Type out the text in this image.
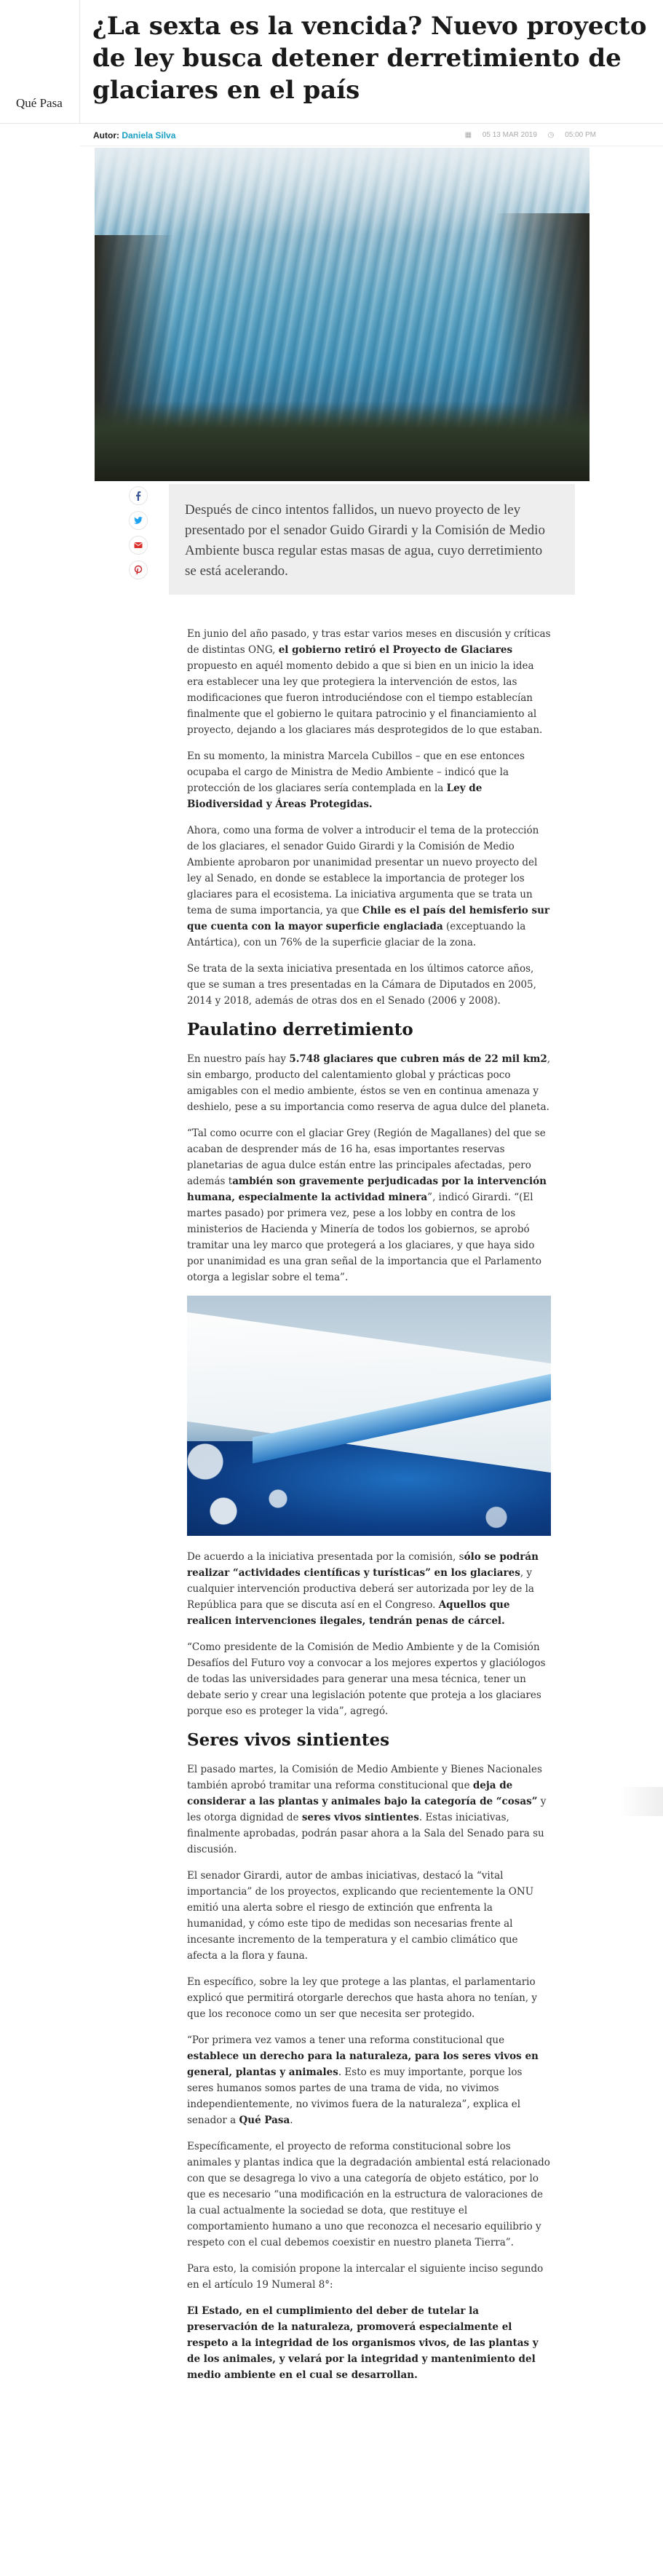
Qué Pasa
¿La sexta es la vencida? Nuevo proyecto de ley busca detener derretimiento de glaciares en el país
Autor: Daniela Silva	▦ 05 13 MAR 2019 ◷ 05:00 PM

Después de cinco intentos fallidos, un nuevo proyecto de ley presentado por el senador Guido Girardi y la Comisión de Medio Ambiente busca regular estas masas de agua, cuyo derretimiento se está acelerando.

En junio del año pasado, y tras estar varios meses en discusión y críticas de distintas ONG, el gobierno retiró el Proyecto de Glaciares propuesto en aquél momento debido a que si bien en un inicio la idea era establecer una ley que protegiera la intervención de estos, las modificaciones que fueron introduciéndose con el tiempo establecían finalmente que el gobierno le quitara patrocinio y el financiamiento al proyecto, dejando a los glaciares más desprotegidos de lo que estaban.

En su momento, la ministra Marcela Cubillos – que en ese entonces ocupaba el cargo de Ministra de Medio Ambiente – indicó que la protección de los glaciares sería contemplada en la Ley de Biodiversidad y Áreas Protegidas.

Ahora, como una forma de volver a introducir el tema de la protección de los glaciares, el senador Guido Girardi y la Comisión de Medio Ambiente aprobaron por unanimidad presentar un nuevo proyecto del ley al Senado, en donde se establece la importancia de proteger los glaciares para el ecosistema. La iniciativa argumenta que se trata un tema de suma importancia, ya que Chile es el país del hemisferio sur que cuenta con la mayor superficie englaciada (exceptuando la Antártica), con un 76% de la superficie glaciar de la zona.

Se trata de la sexta iniciativa presentada en los últimos catorce años, que se suman a tres presentadas en la Cámara de Diputados en 2005, 2014 y 2018, además de otras dos en el Senado (2006 y 2008).

Paulatino derretimiento

En nuestro país hay 5.748 glaciares que cubren más de 22 mil km2, sin embargo, producto del calentamiento global y prácticas poco amigables con el medio ambiente, éstos se ven en continua amenaza y deshielo, pese a su importancia como reserva de agua dulce del planeta.

“Tal como ocurre con el glaciar Grey (Región de Magallanes) del que se acaban de desprender más de 16 ha, esas importantes reservas planetarias de agua dulce están entre las principales afectadas, pero además también son gravemente perjudicadas por la intervención humana, especialmente la actividad minera”, indicó Girardi. “(El martes pasado) por primera vez, pese a los lobby en contra de los ministerios de Hacienda y Minería de todos los gobiernos, se aprobó tramitar una ley marco que protegerá a los glaciares, y que haya sido por unanimidad es una gran señal de la importancia que el Parlamento otorga a legislar sobre el tema”.

De acuerdo a la iniciativa presentada por la comisión, sólo se podrán realizar “actividades científicas y turísticas” en los glaciares, y cualquier intervención productiva deberá ser autorizada por ley de la República para que se discuta así en el Congreso. Aquellos que realicen intervenciones ilegales, tendrán penas de cárcel.

“Como presidente de la Comisión de Medio Ambiente y de la Comisión Desafíos del Futuro voy a convocar a los mejores expertos y glaciólogos de todas las universidades para generar una mesa técnica, tener un debate serio y crear una legislación potente que proteja a los glaciares porque eso es proteger la vida”, agregó.

Seres vivos sintientes

El pasado martes, la Comisión de Medio Ambiente y Bienes Nacionales también aprobó tramitar una reforma constitucional que deja de considerar a las plantas y animales bajo la categoría de “cosas” y les otorga dignidad de seres vivos sintientes. Estas iniciativas, finalmente aprobadas, podrán pasar ahora a la Sala del Senado para su discusión.

El senador Girardi, autor de ambas iniciativas, destacó la “vital importancia” de los proyectos, explicando que recientemente la ONU emitió una alerta sobre el riesgo de extinción que enfrenta la humanidad, y cómo este tipo de medidas son necesarias frente al incesante incremento de la temperatura y el cambio climático que afecta a la flora y fauna.

En específico, sobre la ley que protege a las plantas, el parlamentario explicó que permitirá otorgarle derechos que hasta ahora no tenían, y que los reconoce como un ser que necesita ser protegido.

“Por primera vez vamos a tener una reforma constitucional que establece un derecho para la naturaleza, para los seres vivos en general, plantas y animales. Esto es muy importante, porque los seres humanos somos partes de una trama de vida, no vivimos independientemente, no vivimos fuera de la naturaleza”, explica el senador a Qué Pasa.

Específicamente, el proyecto de reforma constitucional sobre los animales y plantas indica que la degradación ambiental está relacionado con que se desagrega lo vivo a una categoría de objeto estático, por lo que es necesario “una modificación en la estructura de valoraciones de la cual actualmente la sociedad se dota, que restituye el comportamiento humano a uno que reconozca el necesario equilibrio y respeto con el cual debemos coexistir en nuestro planeta Tierra”.

Para esto, la comisión propone la intercalar el siguiente inciso segundo en el artículo 19 Numeral 8°:

El Estado, en el cumplimiento del deber de tutelar la preservación de la naturaleza, promoverá especialmente el respeto a la integridad de los organismos vivos, de las plantas y de los animales, y velará por la integridad y mantenimiento del medio ambiente en el cual se desarrollan.
